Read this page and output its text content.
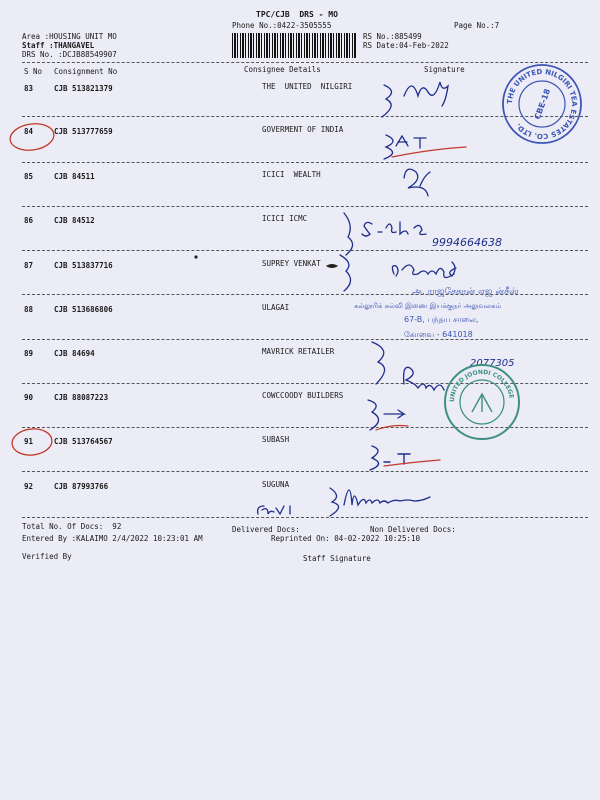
TPC/CJB  DRS - MO
Phone No.:0422-3505555	Page No.:7
Area :HOUSING UNIT MO
Staff :THANGAVEL
DRS No. :DCJB88549907
RS No.:885499
RS Date:04-Feb-2022
S No Consignment No	Consignee Details	Signature
83	CJB 513821379	THE  UNITED  NILGIRI
84	CJB 513777659	GOVERMENT OF INDIA
85	CJB 84511	ICICI  WEALTH
86	CJB 84512	ICICI ICMC
87	CJB 513837716	SUPREY VENKAT
88	CJB 513686806	ULAGAI
89	CJB 84694	MAVRICK RETAILER
90	CJB 88087223	COWCCOODY BUILDERS
91	CJB 513764567	SUBASH
92	CJB 87993766	SUGUNA
Total No. Of Docs:  92	Delivered Docs:	Non Delivered Docs:
Entered By :KALAIMO 2/4/2022 10:23:01 AM	Reprinted On: 04-02-2022 10:25:10
Verified By	Staff Signature
9994664638
2077305
THE UNITED NILGIRI TEA ESTATES CO. LTD.
CBE-18
அ. ராஜசேகரன் ஏஜ ன்சீஸ்
கல்லூரிக் கல்வி இணை இயக்குநர் அலுவலகம்
67-B, பந்தய சாலை,
கோவை - 641018
UNITED JOONDI COLLEGE
